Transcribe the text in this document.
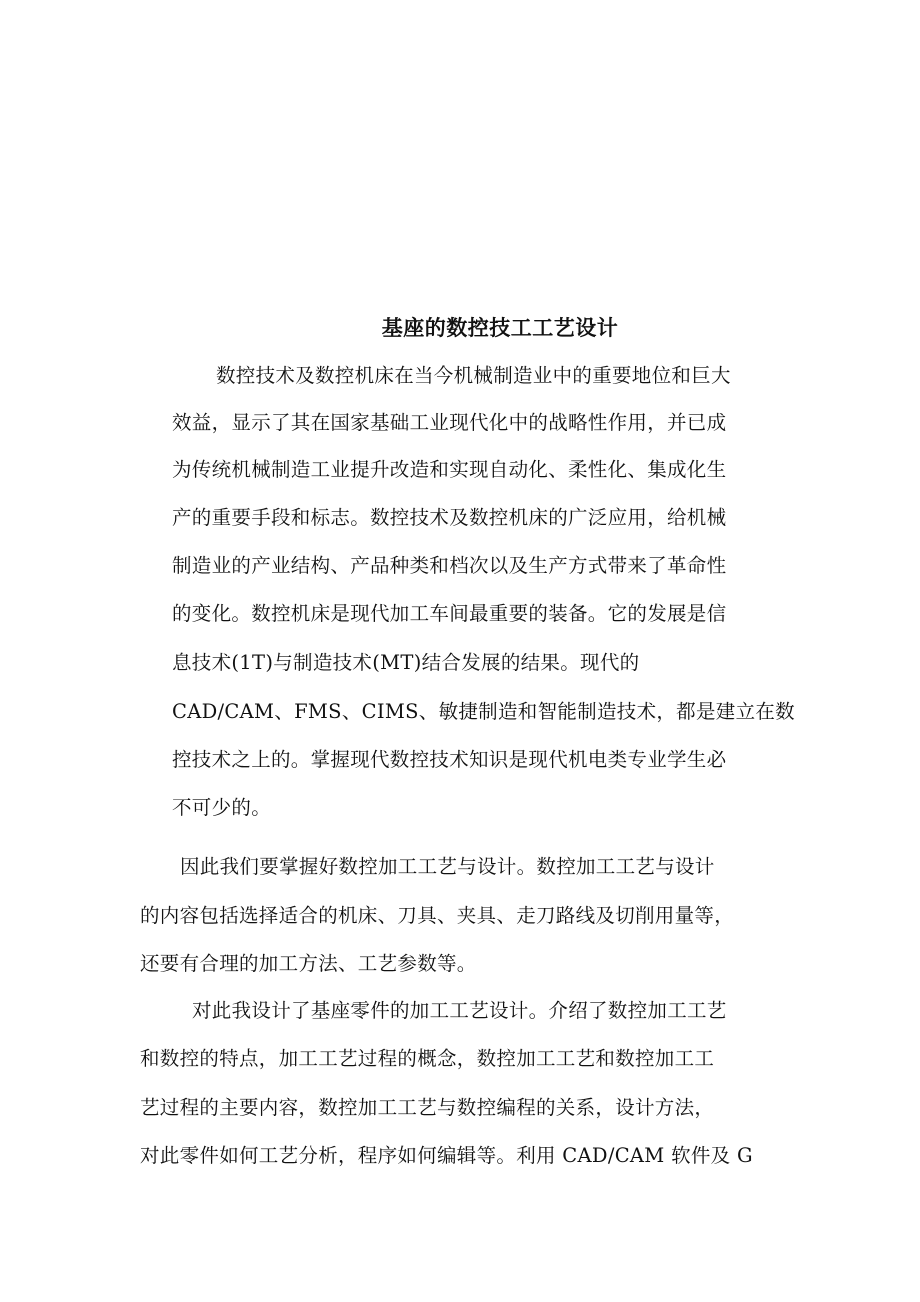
基座的数控技工工艺设计
数控技术及数控机床在当今机械制造业中的重要地位和巨大
效益，显示了其在国家基础工业现代化中的战略性作用，并已成
为传统机械制造工业提升改造和实现自动化、柔性化、集成化生
产的重要手段和标志。数控技术及数控机床的广泛应用，给机械
制造业的产业结构、产品种类和档次以及生产方式带来了革命性
的变化。数控机床是现代加工车间最重要的装备。它的发展是信
息技术(1T)与制造技术(MT)结合发展的结果。现代的
CAD/CAM、FMS、CIMS、敏捷制造和智能制造技术，都是建立在数
控技术之上的。掌握现代数控技术知识是现代机电类专业学生必
不可少的。
因此我们要掌握好数控加工工艺与设计。数控加工工艺与设计
的内容包括选择适合的机床、刀具、夹具、走刀路线及切削用量等，
还要有合理的加工方法、工艺参数等。
对此我设计了基座零件的加工工艺设计。介绍了数控加工工艺
和数控的特点，加工工艺过程的概念，数控加工工艺和数控加工工
艺过程的主要内容，数控加工工艺与数控编程的关系，设计方法，
对此零件如何工艺分析，程序如何编辑等。利用 CAD/CAM 软件及 G
